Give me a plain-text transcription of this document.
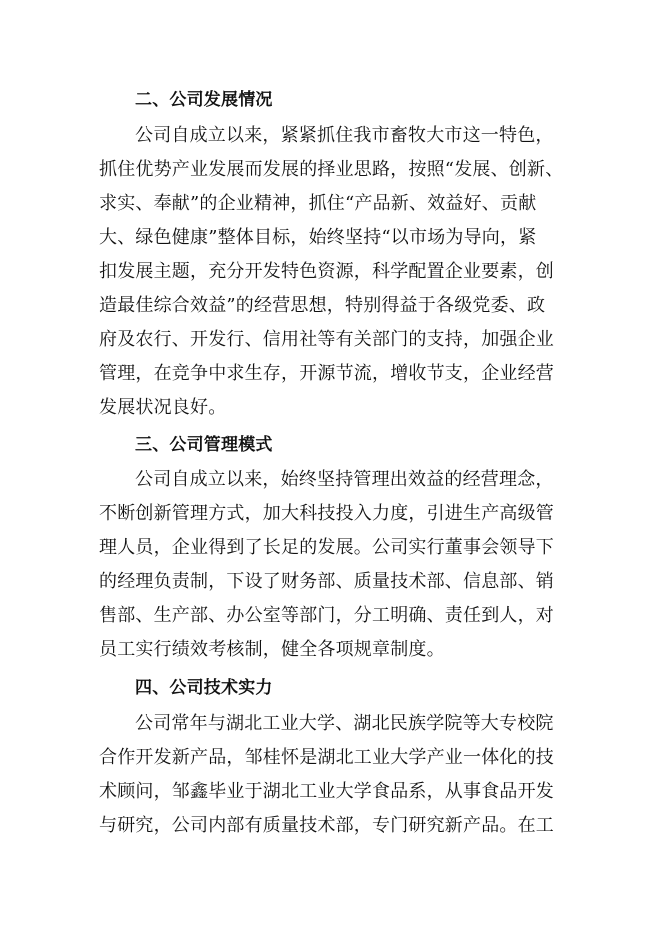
二、公司发展情况
公司自成立以来，紧紧抓住我市畜牧大市这一特色，
抓住优势产业发展而发展的择业思路，按照“发展、创新、
求实、奉献”的企业精神，抓住“产品新、效益好、贡献
大、绿色健康”整体目标，始终坚持“以市场为导向，紧
扣发展主题，充分开发特色资源，科学配置企业要素，创
造最佳综合效益”的经营思想，特别得益于各级党委、政
府及农行、开发行、信用社等有关部门的支持，加强企业
管理，在竞争中求生存，开源节流，增收节支，企业经营
发展状况良好。
三、公司管理模式
公司自成立以来，始终坚持管理出效益的经营理念，
不断创新管理方式，加大科技投入力度，引进生产高级管
理人员，企业得到了长足的发展。公司实行董事会领导下
的经理负责制，下设了财务部、质量技术部、信息部、销
售部、生产部、办公室等部门，分工明确、责任到人，对
员工实行绩效考核制，健全各项规章制度。
四、公司技术实力
公司常年与湖北工业大学、湖北民族学院等大专校院
合作开发新产品，邹桂怀是湖北工业大学产业一体化的技
术顾问，邹鑫毕业于湖北工业大学食品系，从事食品开发
与研究，公司内部有质量技术部，专门研究新产品。在工
